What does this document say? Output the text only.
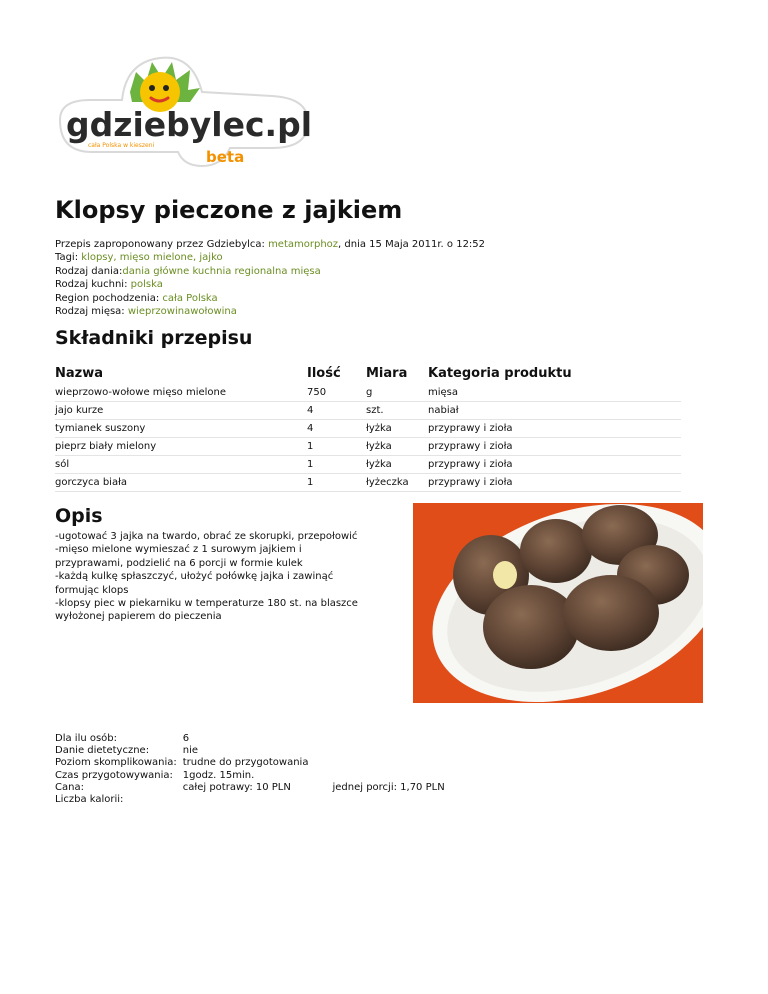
gdziebylec.pl
cała Polska w kieszeni
beta
Klopsy pieczone z jajkiem
Przepis zaproponowany przez Gdziebylca: metamorphoz, dnia 15 Maja 2011r. o 12:52
Tagi: klopsy, mięso mielone, jajko
Rodzaj dania:dania główne kuchnia regionalna mięsa
Rodzaj kuchni: polska
Region pochodzenia: cała Polska
Rodzaj mięsa: wieprzowinawołowina
Składniki przepisu
Nazwa	Ilość	Miara	Kategoria produktu
wieprzowo-wołowe mięso mielone	750	g	mięsa
jajo kurze	4	szt.	nabiał
tymianek suszony	4	łyżka	przyprawy i zioła
pieprz biały mielony	1	łyżka	przyprawy i zioła
sól	1	łyżka	przyprawy i zioła
gorczyca biała	1	łyżeczka	przyprawy i zioła
Opis
-ugotować 3 jajka na twardo, obrać ze skorupki, przepołowić
-mięso mielone wymieszać z 1 surowym jajkiem i
przyprawami, podzielić na 6 porcji w formie kulek
-każdą kulkę spłaszczyć, ułożyć połówkę jajka i zawinąć
formując klops
-klopsy piec w piekarniku w temperaturze 180 st. na blaszce
wyłożonej papierem do pieczenia
Dla ilu osób:	6	
Danie dietetyczne:	nie	
Poziom skomplikowania:	trudne do przygotowania	
Czas przygotowywania:	1godz. 15min.	
Cana:	całej potrawy: 10 PLN	jednej porcji: 1,70 PLN
Liczba kalorii:		
